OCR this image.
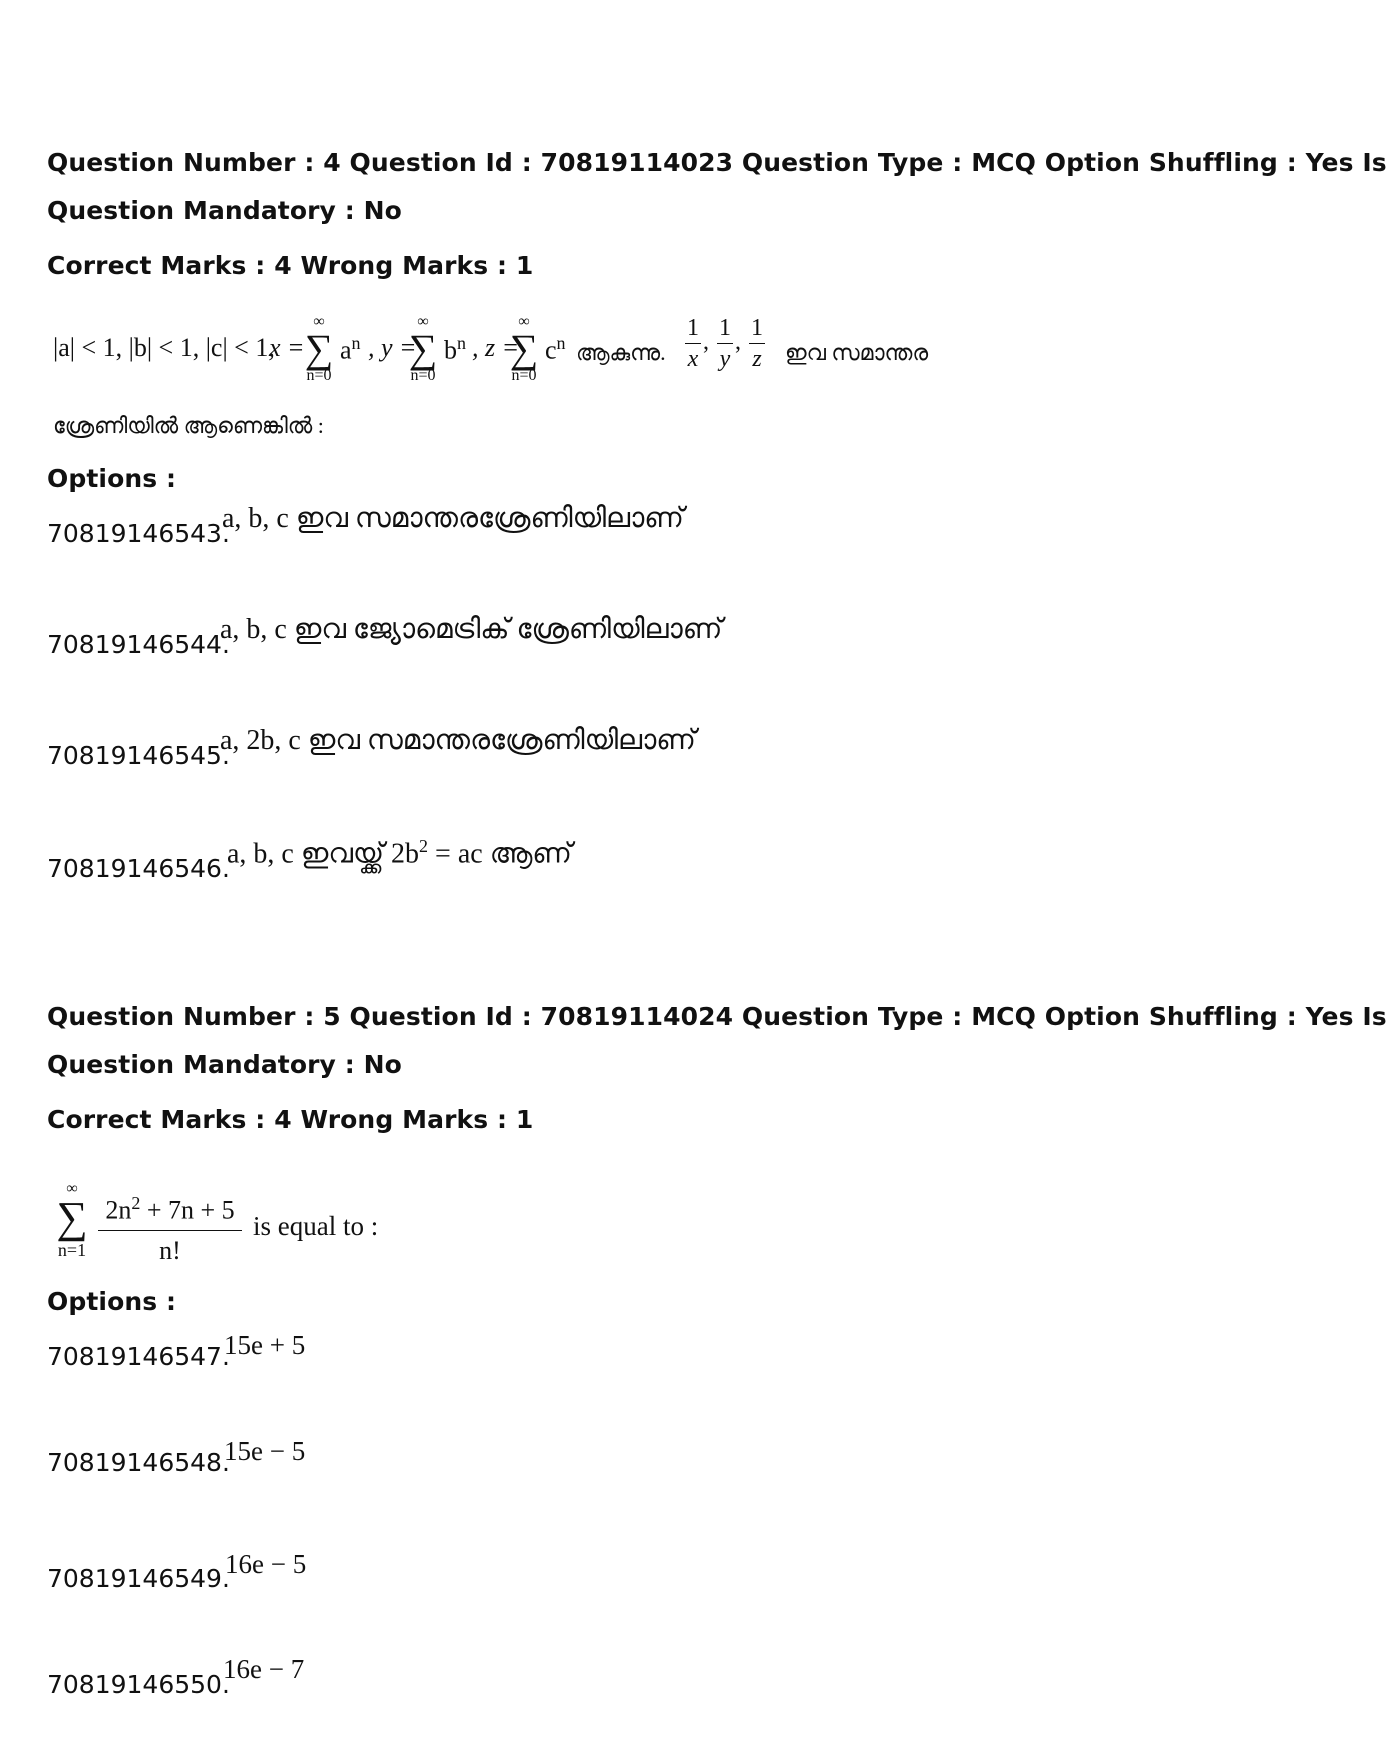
Question Number : 4 Question Id : 70819114023 Question Type : MCQ Option Shuffling : Yes Is
Question Mandatory : No
Correct Marks : 4 Wrong Marks : 1
|a| < 1, |b| < 1, |c| < 1,
x =
∞
∑
n=0
$a^n$ , y =
∞
∑
n=0
$b^n$ , z =
∞
∑
n=0
$c^n$ ആകുന്നു. $\frac{1}{x}$ , $\frac{1}{y}$ , $\frac{1}{z}$ ഇവ സമാന്തര
ശ്രേണിയിൽ ആണെങ്കിൽ :
Options :
70819146543.
a, b, c ഇവ സമാന്തരശ്രേണിയിലാണ്
70819146544.
a, b, c ഇവ ജ്യോമെട്രിക് ശ്രേണിയിലാണ്
70819146545.
a, 2b, c ഇവ സമാന്തരശ്രേണിയിലാണ്
70819146546.
a, b, c ഇവയ്ക്ക് $2b^2$ = ac ആണ്
Question Number : 5 Question Id : 70819114024 Question Type : MCQ Option Shuffling : Yes Is
Question Mandatory : No
Correct Marks : 4 Wrong Marks : 1
∞
∑
$n=1 \frac{2n^2 + 7n + 5}{n!}$ is equal to :
Options :
70819146547.
15e + 5
70819146548.
15e − 5
70819146549.
16e − 5
70819146550.
16e − 7
